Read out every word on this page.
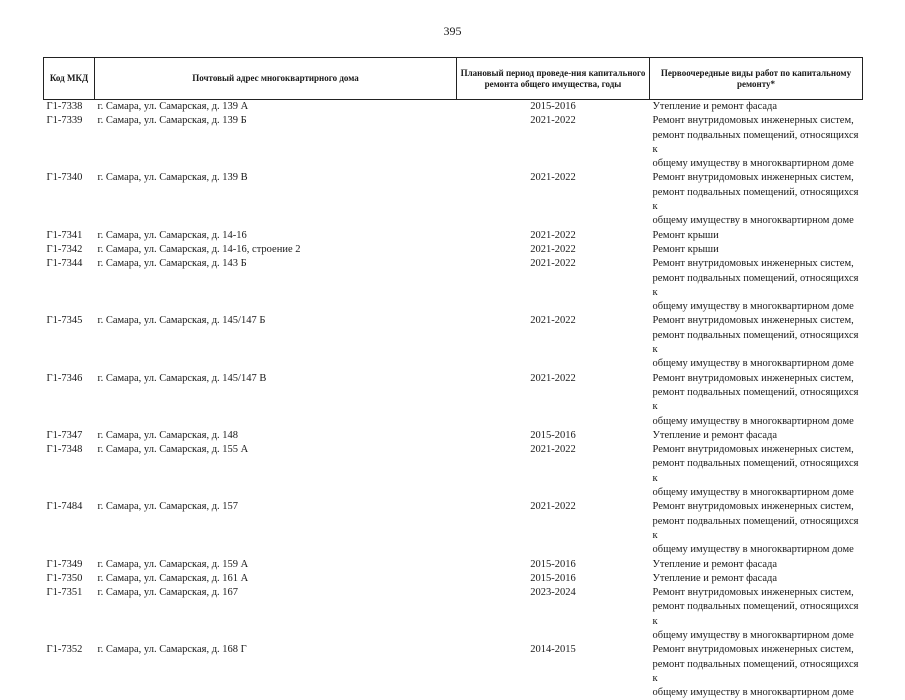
395
Код МКД	Почтовый адрес многоквартирного дома	Плановый период проведе-ния капитального ремонта общего имущества, годы	Первоочередные виды работ по капитальному ремонту*
Г1-7338	г. Самара, ул. Самарская, д. 139 А	2015-2016	Утепление и ремонт фасада

Г1-7339	г. Самара, ул. Самарская, д. 139 Б	2021-2022	Ремонт внутридомовых инженерных систем,
ремонт подвальных помещений, относящихся к
общему имуществу в многоквартирном доме

Г1-7340	г. Самара, ул. Самарская, д. 139 В	2021-2022	Ремонт внутридомовых инженерных систем,
ремонт подвальных помещений, относящихся к
общему имуществу в многоквартирном доме

Г1-7341	г. Самара, ул. Самарская, д. 14-16	2021-2022	Ремонт крыши

Г1-7342	г. Самара, ул. Самарская, д. 14-16, строение 2	2021-2022	Ремонт крыши

Г1-7344	г. Самара, ул. Самарская, д. 143 Б	2021-2022	Ремонт внутридомовых инженерных систем,
ремонт подвальных помещений, относящихся к
общему имуществу в многоквартирном доме

Г1-7345	г. Самара, ул. Самарская, д. 145/147 Б	2021-2022	Ремонт внутридомовых инженерных систем,
ремонт подвальных помещений, относящихся к
общему имуществу в многоквартирном доме

Г1-7346	г. Самара, ул. Самарская, д. 145/147 В	2021-2022	Ремонт внутридомовых инженерных систем,
ремонт подвальных помещений, относящихся к
общему имуществу в многоквартирном доме

Г1-7347	г. Самара, ул. Самарская, д. 148	2015-2016	Утепление и ремонт фасада

Г1-7348	г. Самара, ул. Самарская, д. 155 А	2021-2022	Ремонт внутридомовых инженерных систем,
ремонт подвальных помещений, относящихся к
общему имуществу в многоквартирном доме

Г1-7484	г. Самара, ул. Самарская, д. 157	2021-2022	Ремонт внутридомовых инженерных систем,
ремонт подвальных помещений, относящихся к
общему имуществу в многоквартирном доме

Г1-7349	г. Самара, ул. Самарская, д. 159 А	2015-2016	Утепление и ремонт фасада

Г1-7350	г. Самара, ул. Самарская, д. 161 А	2015-2016	Утепление и ремонт фасада

Г1-7351	г. Самара, ул. Самарская, д. 167	2023-2024	Ремонт внутридомовых инженерных систем,
ремонт подвальных помещений, относящихся к
общему имуществу в многоквартирном доме

Г1-7352	г. Самара, ул. Самарская, д. 168 Г	2014-2015	Ремонт внутридомовых инженерных систем,
ремонт подвальных помещений, относящихся к
общему имуществу в многоквартирном доме
